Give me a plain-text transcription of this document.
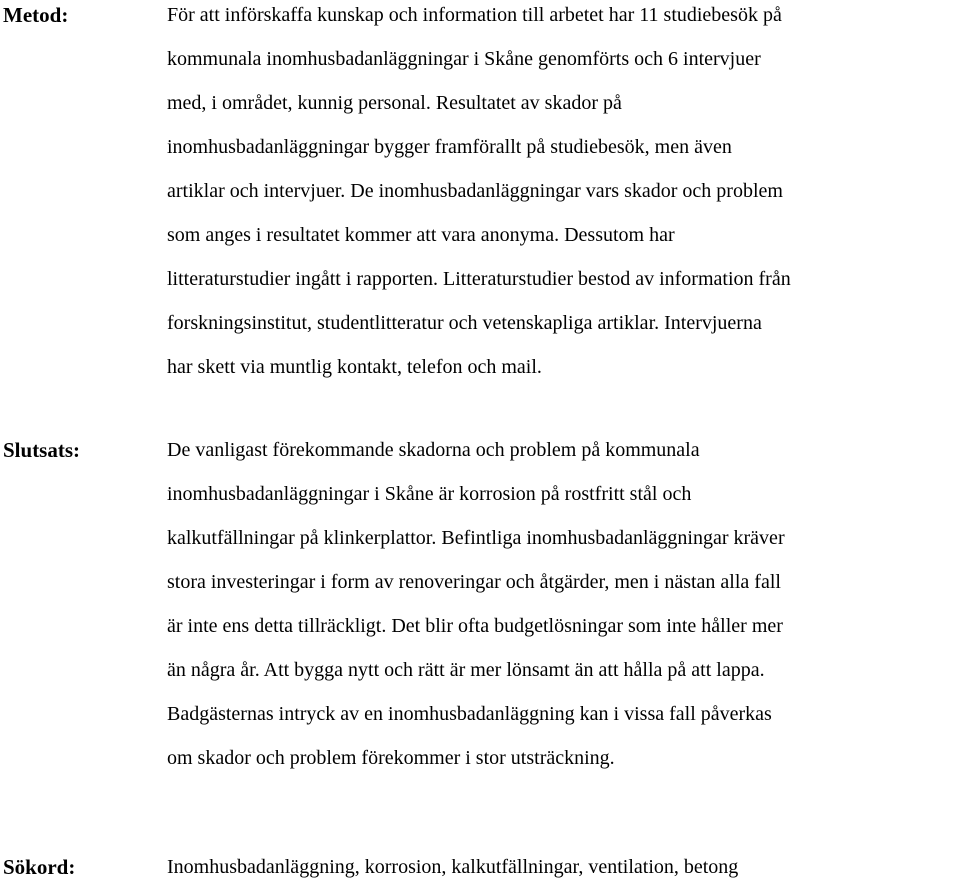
Metod:	För att införskaffa kunskap och information till arbetet har 11 studiebesök på
kommunala inomhusbadanläggningar i Skåne genomförts och 6 intervjuer
med, i området, kunnig personal. Resultatet av skador på
inomhusbadanläggningar bygger framförallt på studiebesök, men även
artiklar och intervjuer. De inomhusbadanläggningar vars skador och problem
som anges i resultatet kommer att vara anonyma. Dessutom har
litteraturstudier ingått i rapporten. Litteraturstudier bestod av information från
forskningsinstitut, studentlitteratur och vetenskapliga artiklar. Intervjuerna
har skett via muntlig kontakt, telefon och mail.
Slutsats:	De vanligast förekommande skadorna och problem på kommunala
inomhusbadanläggningar i Skåne är korrosion på rostfritt stål och
kalkutfällningar på klinkerplattor. Befintliga inomhusbadanläggningar kräver
stora investeringar i form av renoveringar och åtgärder, men i nästan alla fall
är inte ens detta tillräckligt. Det blir ofta budgetlösningar som inte håller mer
än några år. Att bygga nytt och rätt är mer lönsamt än att hålla på att lappa.
Badgästernas intryck av en inomhusbadanläggning kan i vissa fall påverkas
om skador och problem förekommer i stor utsträckning.
Sökord:	Inomhusbadanläggning, korrosion, kalkutfällningar, ventilation, betong
